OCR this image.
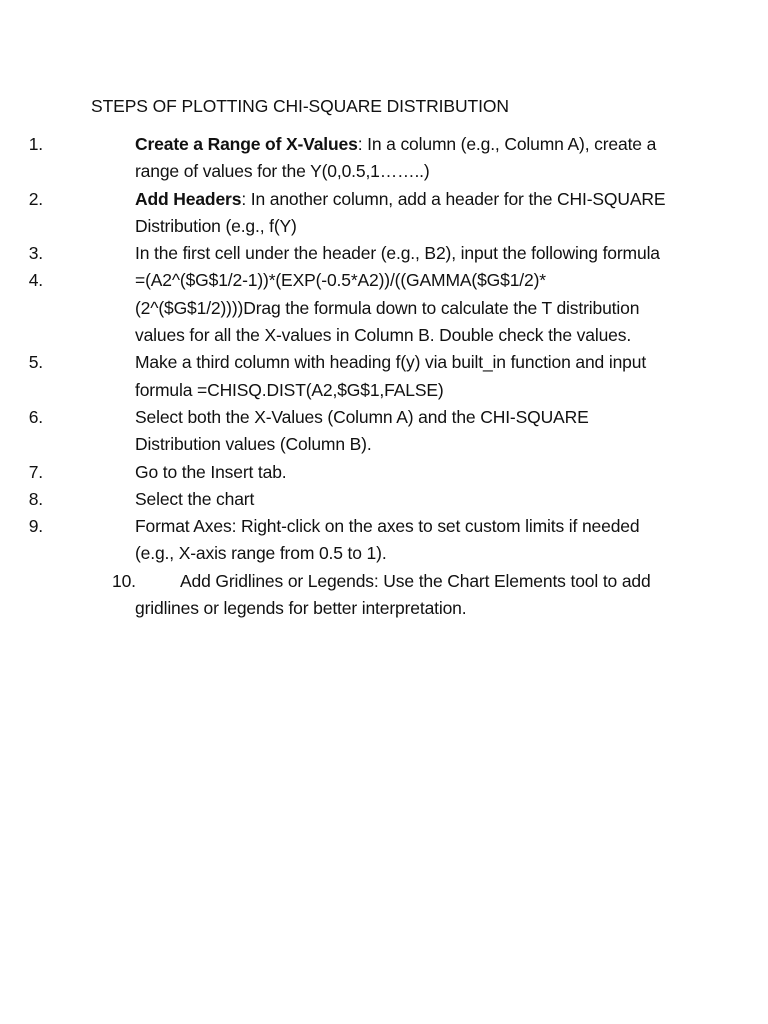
STEPS OF PLOTTING CHI-SQUARE DISTRIBUTION
1.	Create a Range of X-Values: In a column (e.g., Column A), create a range of values for the Y(0,0.5,1……..)
2.	Add Headers: In another column, add a header for the CHI-SQUARE Distribution (e.g., f(Y)
3.	In the first cell under the header (e.g., B2), input the following formula
4.	=(A2^($G$1/2-1))*(EXP(-0.5*A2))/((GAMMA($G$1/2)*(2^($G$1/2))))Drag the formula down to calculate the T distribution values for all the X-values in Column B. Double check the values.
5.	Make a third column with heading f(y) via built_in function and input formula =CHISQ.DIST(A2,$G$1,FALSE)
6.	Select both the X-Values (Column A) and the CHI-SQUARE Distribution values (Column B).
7.	Go to the Insert tab.
8.	Select the chart
9.	Format Axes: Right-click on the axes to set custom limits if needed (e.g., X-axis range from 0.5 to 1).
10.	Add Gridlines or Legends: Use the Chart Elements tool to add gridlines or legends for better interpretation.
